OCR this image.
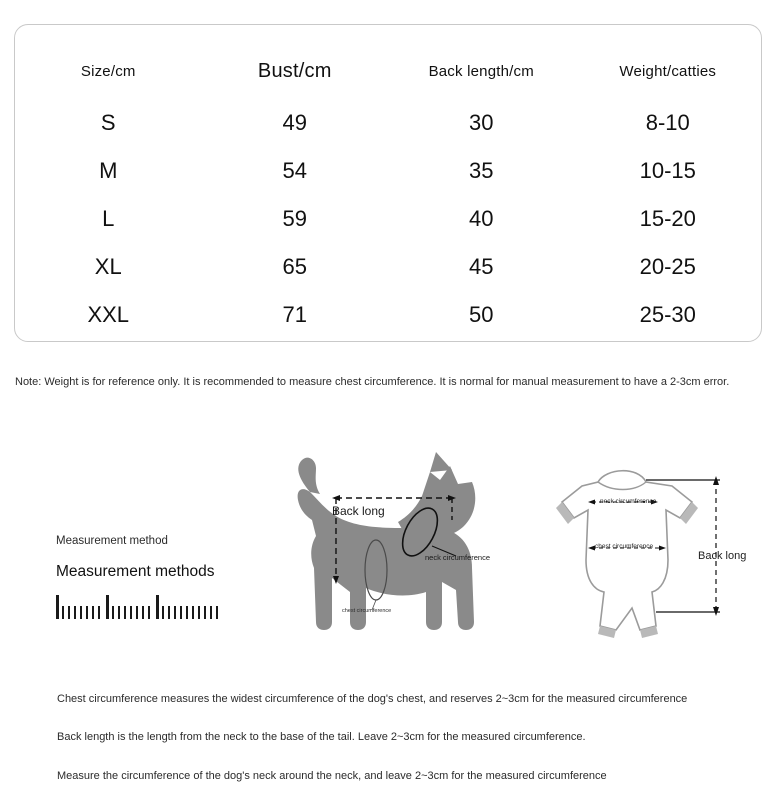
Size/cm	Bust/cm	Back length/cm	Weight/catties
S	49	30	8-10
M	54	35	10-15
L	59	40	15-20
XL	65	45	20-25
XXL	71	50	25-30
Note: Weight is for reference only. It is recommended to measure chest circumference. It is normal for manual measurement to have a 2-3cm error.
Measurement method
Measurement methods
Back long
neck circumference
chest circumference
neck circumference
chest circumference
Back long

Chest circumference measures the widest circumference of the dog's chest, and reserves 2~3cm for the measured circumference

Back length is the length from the neck to the base of the tail. Leave 2~3cm for the measured circumference.

Measure the circumference of the dog's neck around the neck, and leave 2~3cm for the measured circumference
